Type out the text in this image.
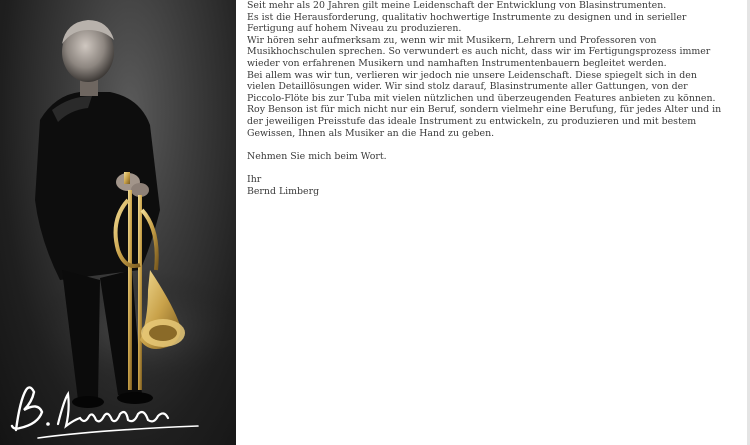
Seit mehr als 20 Jahren gilt meine Leidenschaft der Entwicklung von Blasinstrumenten.

Es ist die Herausforderung, qualitativ hochwertige Instrumente zu designen und in serieller Fertigung auf hohem Niveau zu produzieren.

Wir hören sehr aufmerksam zu, wenn wir mit Musikern, Lehrern und Professoren von Musikhochschulen sprechen. So verwundert es auch nicht, dass wir im Fertigungsprozess immer wieder von erfahrenen Musikern und namhaften Instrumentenbauern begleitet werden.

Bei allem was wir tun, verlieren wir jedoch nie unsere Leidenschaft. Diese spiegelt sich in den vielen Detaillösungen wider. Wir sind stolz darauf, Blasinstrumente aller Gattungen, von der Piccolo-Flöte bis zur Tuba mit vielen nützlichen und überzeugenden Features anbieten zu können.

Roy Benson ist für mich nicht nur ein Beruf, sondern vielmehr eine Berufung, für jedes Alter und in der jeweiligen Preisstufe das ideale Instrument zu entwickeln, zu produzieren und mit bestem Gewissen, Ihnen als Musiker an die Hand zu geben.

Nehmen Sie mich beim Wort.

Ihr

Bernd Limberg
